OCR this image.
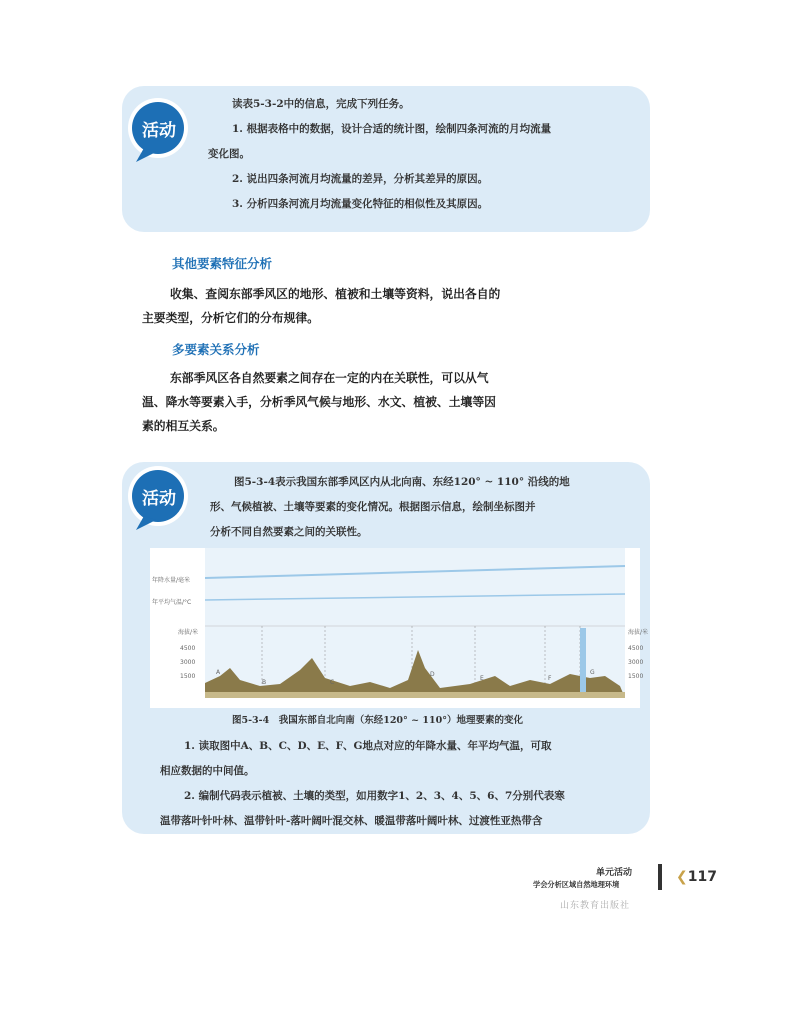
活动
读表5-3-2中的信息，完成下列任务。
1. 根据表格中的数据，设计合适的统计图，绘制四条河流的月均流量
变化图。
2. 说出四条河流月均流量的差异，分析其差异的原因。
3. 分析四条河流月均流量变化特征的相似性及其原因。
其他要素特征分析
收集、查阅东部季风区的地形、植被和土壤等资料，说出各自的
主要类型，分析它们的分布规律。
多要素关系分析
东部季风区各自然要素之间存在一定的内在关联性，可以从气
温、降水等要素入手，分析季风气候与地形、水文、植被、土壤等因
素的相互关系。
活动
图5-3-4表示我国东部季风区内从北向南、东经120° ~ 110° 沿线的地
形、气候植被、土壤等要素的变化情况。根据图示信息，绘制坐标图并
分析不同自然要素之间的关联性。
年降水量/毫米
年平均气温/°C
海拔/米
4500
3000
1500
海拔/米
4500
3000
1500
A
B	C
D
E	F
G
图5-3-4　我国东部自北向南（东经120° ~ 110°）地理要素的变化
1. 读取图中A、B、C、D、E、F、G地点对应的年降水量、年平均气温，可取
相应数据的中间值。
2. 编制代码表示植被、土壤的类型，如用数字1、2、3、4、5、6、7分别代表寒
温带落叶针叶林、温带针叶-落叶阔叶混交林、暖温带落叶阔叶林、过渡性亚热带含
单元活动
学会分析区域自然地理环境	❮117
山东教育出版社
